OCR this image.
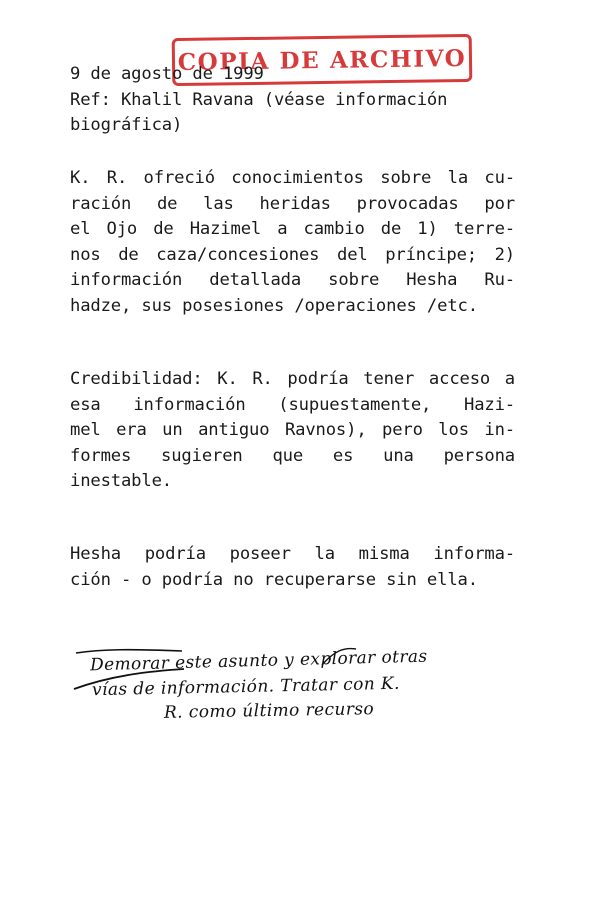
COPIA DE ARCHIVO
9 de agosto de 1999
Ref: Khalil Ravana (véase información
biográfica)
K. R. ofreció conocimientos sobre la cu-
ración de las heridas provocadas por
el Ojo de Hazimel a cambio de 1) terre-
nos de caza/concesiones del príncipe; 2)
información detallada sobre Hesha Ru-
hadze, sus posesiones /operaciones /etc.
Credibilidad: K. R. podría tener acceso a
esa información (supuestamente, Hazi-
mel era un antiguo Ravnos), pero los in-
formes sugieren que es una persona
inestable.
Hesha podría poseer la misma informa-
ción - o podría no recuperarse sin ella.
Demorar este asunto y explorar otras
vías de información. Tratar con K.
R. como último recurso
